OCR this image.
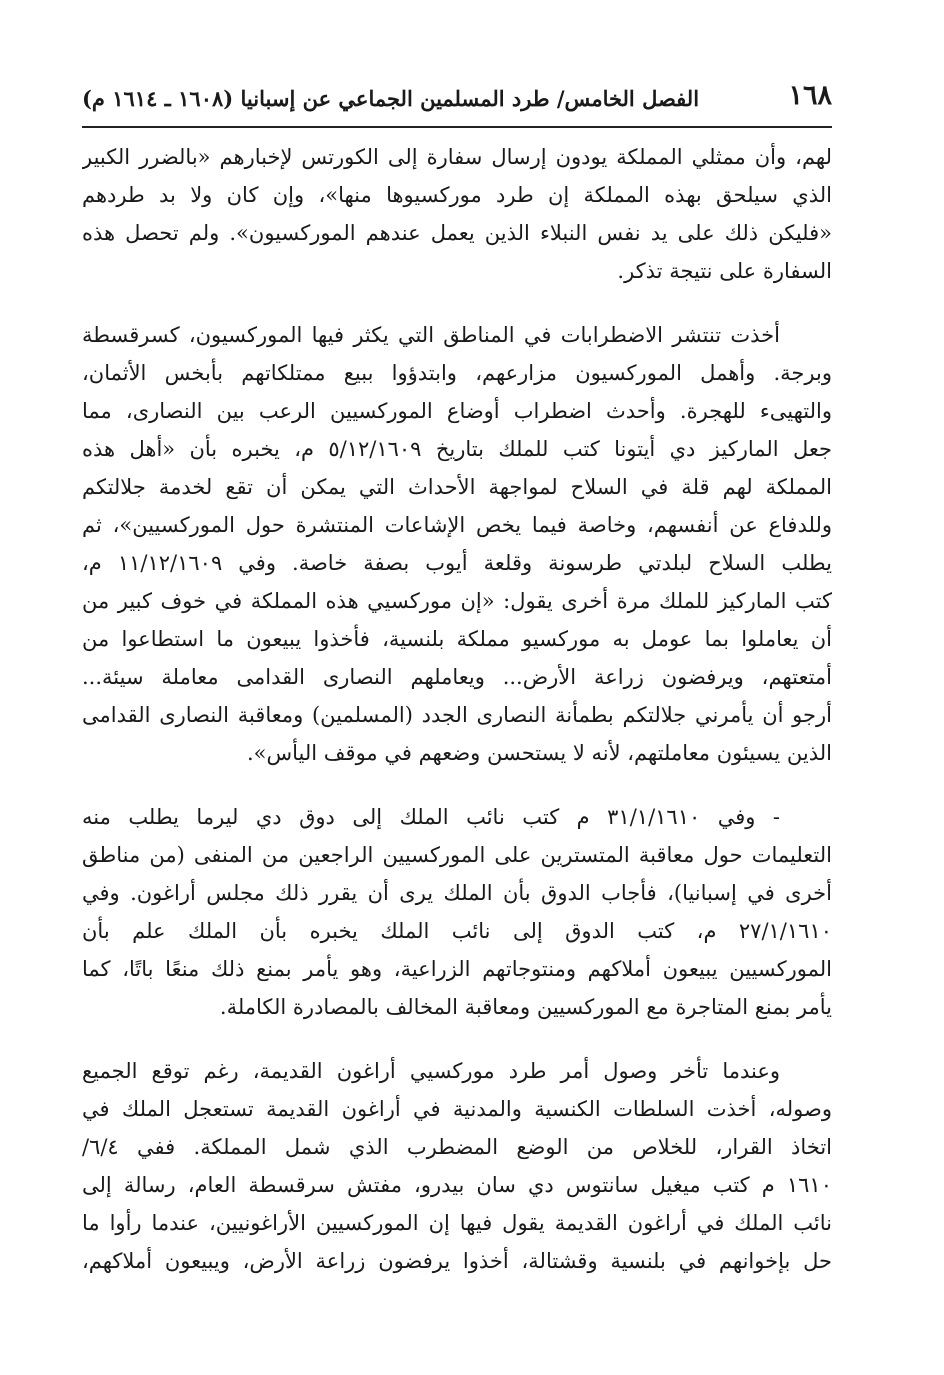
١٦٨
الفصل الخامس/ طرد المسلمين الجماعي عن إسبانيا (١٦٠٨ ـ ١٦١٤ م)
لهم، وأن ممثلي المملكة يودون إرسال سفارة إلى الكورتس لإخبارهم «بالضرر الكبير
الذي سيلحق بهذه المملكة إن طرد موركسيوها منها»، وإن كان ولا بد طردهم
«فليكن ذلك على يد نفس النبلاء الذين يعمل عندهم الموركسيون». ولم تحصل هذه
السفارة على نتيجة تذكر.
أخذت تنتشر الاضطرابات في المناطق التي يكثر فيها الموركسيون، كسرقسطة
وبرجة. وأهمل الموركسيون مزارعهم، وابتدؤوا ببيع ممتلكاتهم بأبخس الأثمان،
والتهيىء للهجرة. وأحدث اضطراب أوضاع الموركسيين الرعب بين النصارى، مما
جعل الماركيز دي أيتونا كتب للملك بتاريخ ٥/١٢/١٦٠٩ م، يخبره بأن «أهل هذه
المملكة لهم قلة في السلاح لمواجهة الأحداث التي يمكن أن تقع لخدمة جلالتكم
وللدفاع عن أنفسهم، وخاصة فيما يخص الإشاعات المنتشرة حول الموركسيين»، ثم
يطلب السلاح لبلدتي طرسونة وقلعة أيوب بصفة خاصة. وفي ١١/١٢/١٦٠٩ م،
كتب الماركيز للملك مرة أخرى يقول: «إن موركسيي هذه المملكة في خوف كبير من
أن يعاملوا بما عومل به موركسيو مملكة بلنسية، فأخذوا يبيعون ما استطاعوا من
أمتعتهم، ويرفضون زراعة الأرض... ويعاملهم النصارى القدامى معاملة سيئة...
أرجو أن يأمرني جلالتكم بطمأنة النصارى الجدد (المسلمين) ومعاقبة النصارى القدامى
الذين يسيئون معاملتهم، لأنه لا يستحسن وضعهم في موقف اليأس».
- وفي ٣١/١/١٦١٠ م كتب نائب الملك إلى دوق دي ليرما يطلب منه
التعليمات حول معاقبة المتسترين على الموركسيين الراجعين من المنفى (من مناطق
أخرى في إسبانيا)، فأجاب الدوق بأن الملك يرى أن يقرر ذلك مجلس أراغون. وفي
٢٧/١/١٦١٠ م، كتب الدوق إلى نائب الملك يخبره بأن الملك علم بأن
الموركسيين يبيعون أملاكهم ومنتوجاتهم الزراعية، وهو يأمر بمنع ذلك منعًا باتًا، كما
يأمر بمنع المتاجرة مع الموركسيين ومعاقبة المخالف بالمصادرة الكاملة.
وعندما تأخر وصول أمر طرد موركسيي أراغون القديمة، رغم توقع الجميع
وصوله، أخذت السلطات الكنسية والمدنية في أراغون القديمة تستعجل الملك في
اتخاذ القرار، للخلاص من الوضع المضطرب الذي شمل المملكة. ففي ٦/٤/
١٦١٠ م كتب ميغيل سانتوس دي سان بيدرو، مفتش سرقسطة العام، رسالة إلى
نائب الملك في أراغون القديمة يقول فيها إن الموركسيين الأراغونيين، عندما رأوا ما
حل بإخوانهم في بلنسية وقشتالة، أخذوا يرفضون زراعة الأرض، ويبيعون أملاكهم،
